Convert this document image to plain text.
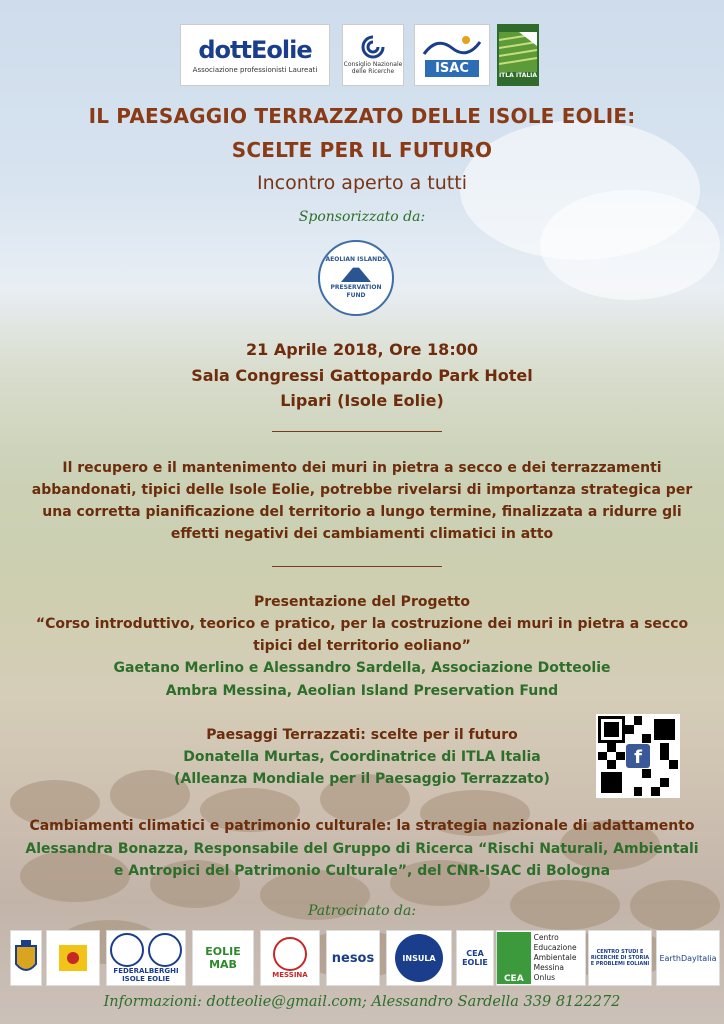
dottEolie
Associazione professionisti Laureati
Consiglio Nazionale delle Ricerche	ISAC	ITLA ITALIA
IL PAESAGGIO TERRAZZATO DELLE ISOLE EOLIE:
SCELTE PER IL FUTURO
Incontro aperto a tutti
Sponsorizzato da:
AEOLIAN ISLANDS
PRESERVATION FUND
21 Aprile 2018, Ore 18:00
Sala Congressi Gattopardo Park Hotel
Lipari (Isole Eolie)
Il recupero e il mantenimento dei muri in pietra a secco e dei terrazzamenti
abbandonati, tipici delle Isole Eolie, potrebbe rivelarsi di importanza strategica per
una corretta pianificazione del territorio a lungo termine, finalizzata a ridurre gli
effetti negativi dei cambiamenti climatici in atto
Presentazione del Progetto
“Corso introduttivo, teorico e pratico, per la costruzione dei muri in pietra a secco
tipici del territorio eoliano”
Gaetano Merlino e Alessandro Sardella, Associazione Dotteolie
Ambra Messina, Aeolian Island Preservation Fund
Paesaggi Terrazzati: scelte per il futuro
Donatella Murtas, Coordinatrice di ITLA Italia
(Alleanza Mondiale per il Paesaggio Terrazzato)
f
Cambiamenti climatici e patrimonio culturale: la strategia nazionale di adattamento
Alessandra Bonazza, Responsabile del Gruppo di Ricerca “Rischi Naturali, Ambientali
e Antropici del Patrimonio Culturale”, del CNR-ISAC di Bologna
Patrocinato da:
FEDERALBERGHI ISOLE EOLIE
EOLIE MAB
MESSINA
nesos	INSULA	CEA EOLIE
CEA
Centro Educazione Ambientale Messina Onlus
CENTRO STUDI E RICERCHE DI STORIA E PROBLEMI EOLIANI
EarthDayItalia
Informazioni: dotteolie@gmail.com; Alessandro Sardella 339 8122272
